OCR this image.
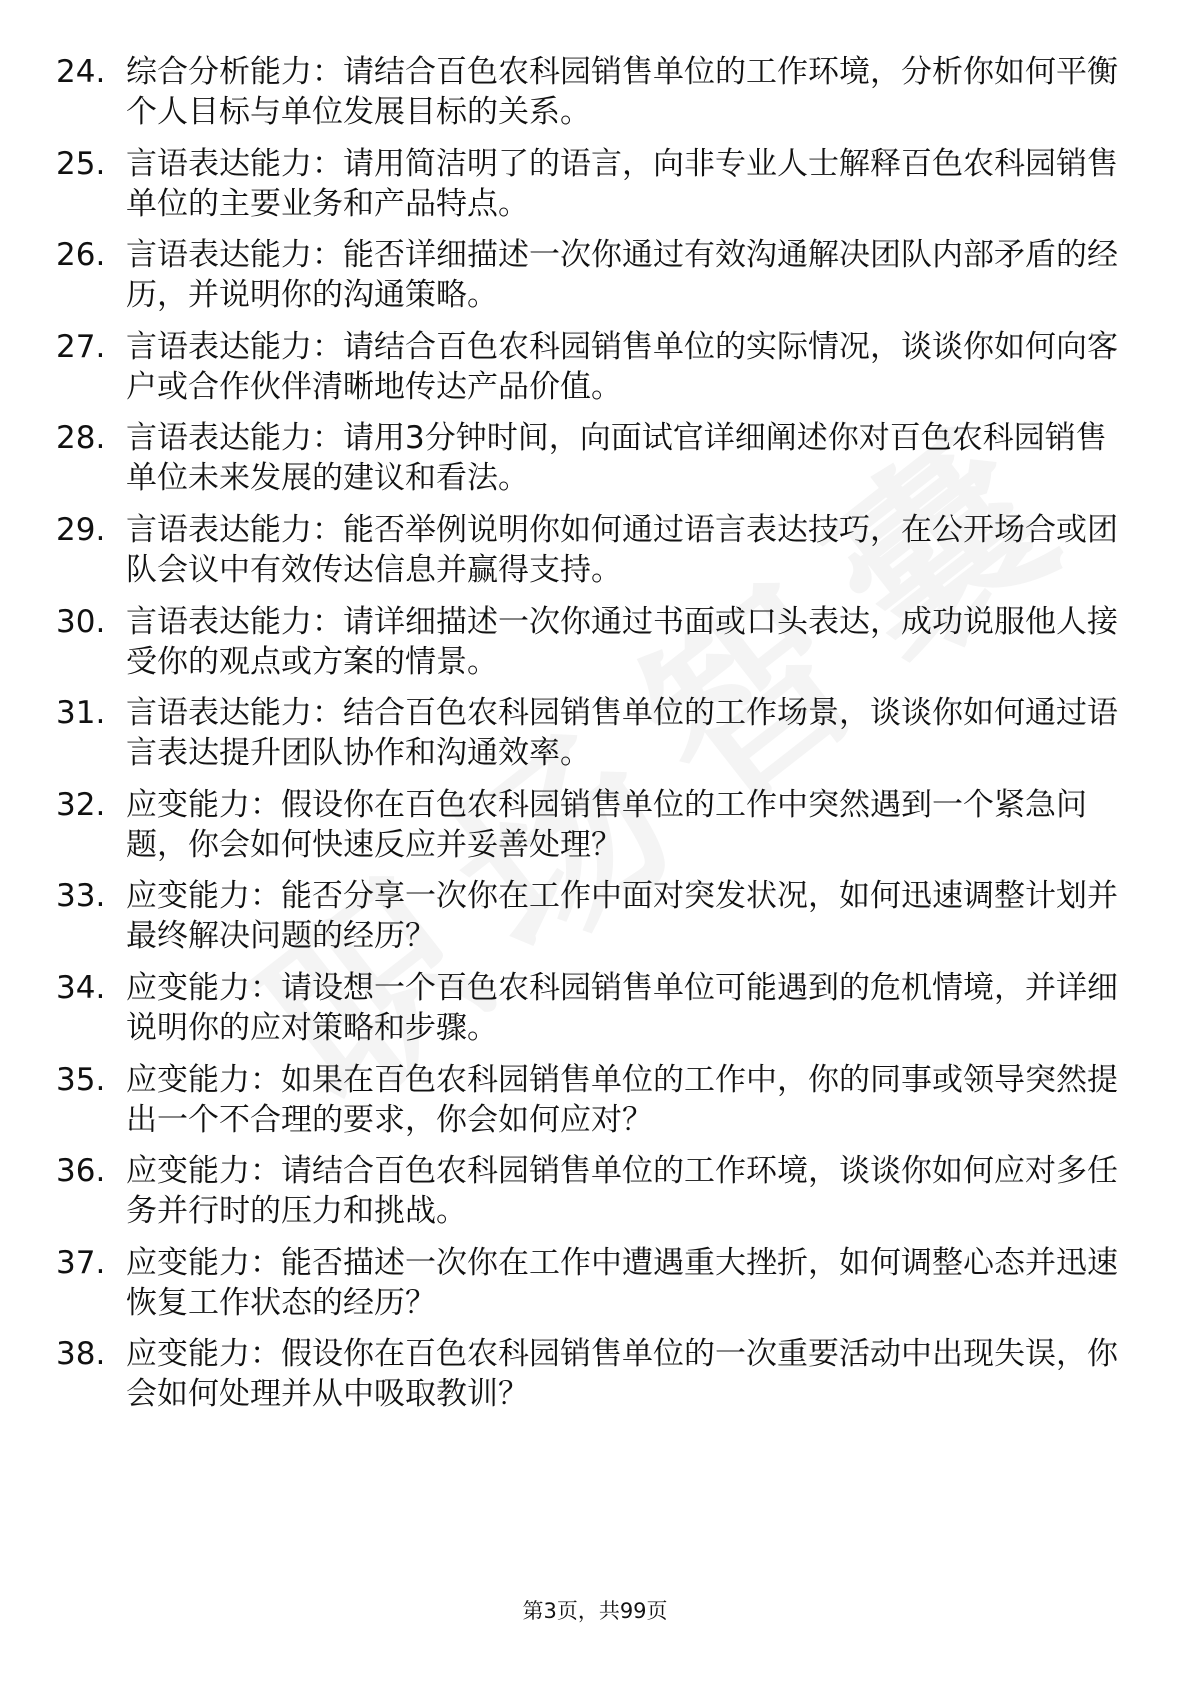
24. 综合分析能力：请结合百色农科园销售单位的工作环境，分析你如何平衡个人目标与单位发展目标的关系。
25. 言语表达能力：请用简洁明了的语言，向非专业人士解释百色农科园销售单位的主要业务和产品特点。
26. 言语表达能力：能否详细描述一次你通过有效沟通解决团队内部矛盾的经历，并说明你的沟通策略。
27. 言语表达能力：请结合百色农科园销售单位的实际情况，谈谈你如何向客户或合作伙伴清晰地传达产品价值。
28. 言语表达能力：请用3分钟时间，向面试官详细阐述你对百色农科园销售单位未来发展的建议和看法。
29. 言语表达能力：能否举例说明你如何通过语言表达技巧，在公开场合或团队会议中有效传达信息并赢得支持。
30. 言语表达能力：请详细描述一次你通过书面或口头表达，成功说服他人接受你的观点或方案的情景。
31. 言语表达能力：结合百色农科园销售单位的工作场景，谈谈你如何通过语言表达提升团队协作和沟通效率。
32. 应变能力：假设你在百色农科园销售单位的工作中突然遇到一个紧急问题，你会如何快速反应并妥善处理？
33. 应变能力：能否分享一次你在工作中面对突发状况，如何迅速调整计划并最终解决问题的经历？
34. 应变能力：请设想一个百色农科园销售单位可能遇到的危机情境，并详细说明你的应对策略和步骤。
35. 应变能力：如果在百色农科园销售单位的工作中，你的同事或领导突然提出一个不合理的要求，你会如何应对？
36. 应变能力：请结合百色农科园销售单位的工作环境，谈谈你如何应对多任务并行时的压力和挑战。
37. 应变能力：能否描述一次你在工作中遭遇重大挫折，如何调整心态并迅速恢复工作状态的经历？
38. 应变能力：假设你在百色农科园销售单位的一次重要活动中出现失误，你会如何处理并从中吸取教训？
第3页，共99页
